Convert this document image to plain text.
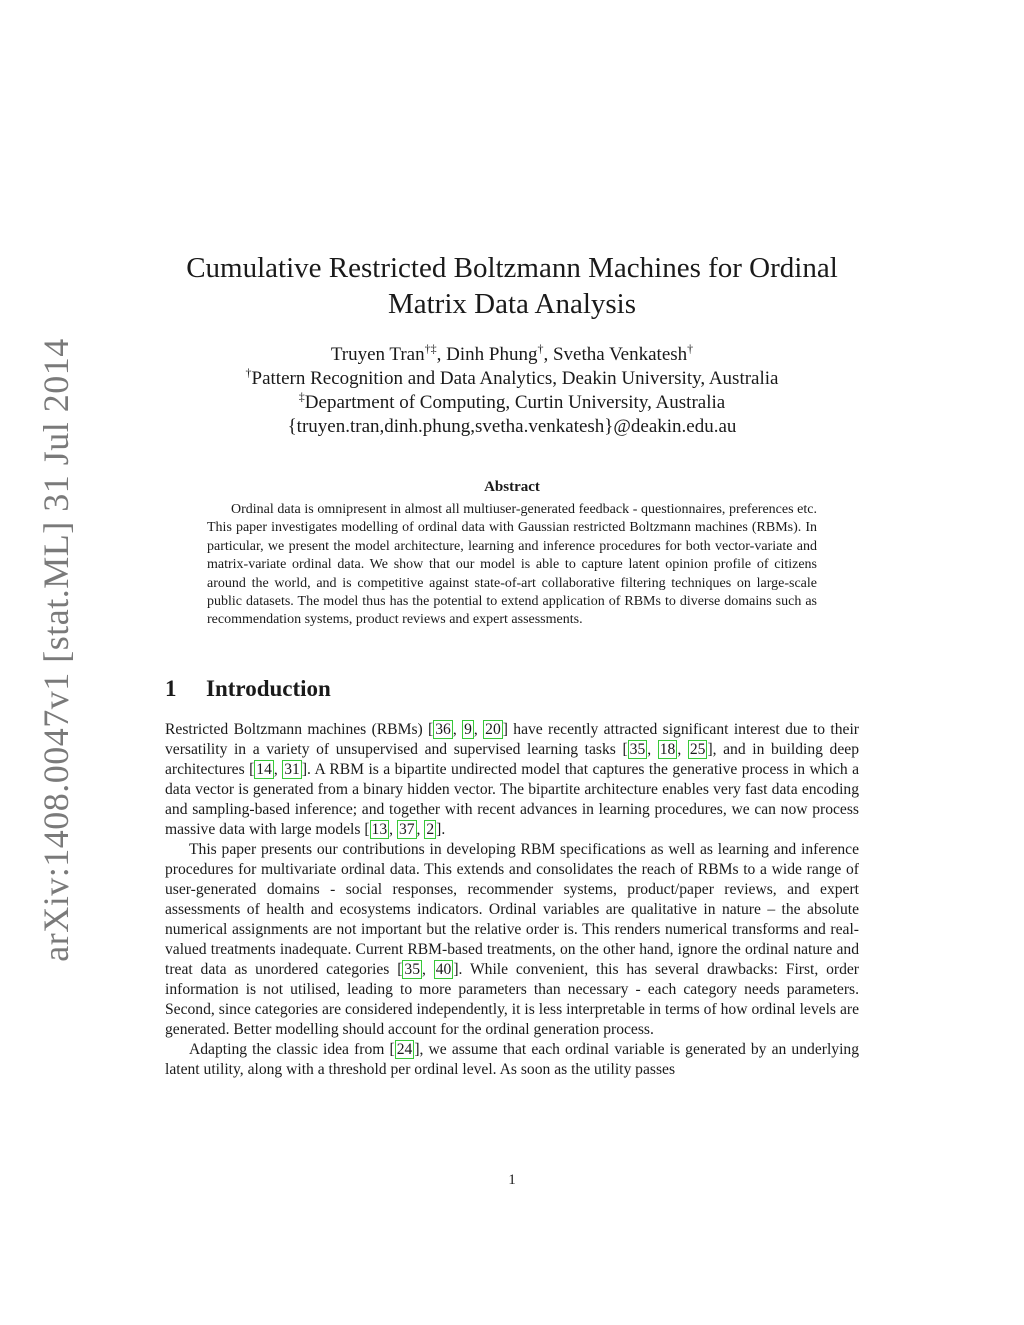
arXiv:1408.0047v1 [stat.ML] 31 Jul 2014
Cumulative Restricted Boltzmann Machines for Ordinal
Matrix Data Analysis
Truyen Tran†‡, Dinh Phung†, Svetha Venkatesh†
†Pattern Recognition and Data Analytics, Deakin University, Australia
‡Department of Computing, Curtin University, Australia
{truyen.tran,dinh.phung,svetha.venkatesh}@deakin.edu.au
Abstract
Ordinal data is omnipresent in almost all multiuser-generated feedback - questionnaires, preferences etc. This paper investigates modelling of ordinal data with Gaussian restricted Boltzmann machines (RBMs). In particular, we present the model architecture, learning and inference procedures for both vector-variate and matrix-variate ordinal data. We show that our model is able to capture latent opinion profile of citizens around the world, and is competitive against state-of-art collaborative filtering techniques on large-scale public datasets. The model thus has the potential to extend application of RBMs to diverse domains such as recommendation systems, product reviews and expert assessments.
1 Introduction

Restricted Boltzmann machines (RBMs) [ 36 , 9 , 20 ] have recently attracted significant interest due to their versatility in a variety of unsupervised and supervised learning tasks [ 35 , 18 , 25 ], and in building deep architectures [ 14 , 31 ]. A RBM is a bipartite undirected model that captures the generative process in which a data vector is generated from a binary hidden vector. The bipartite architecture enables very fast data encoding and sampling-based inference; and together with recent advances in learning procedures, we can now process massive data with large models [ 13 , 37 , 2 ].

This paper presents our contributions in developing RBM specifications as well as learning and inference procedures for multivariate ordinal data. This extends and consolidates the reach of RBMs to a wide range of user-generated domains - social responses, recommender systems, product/paper reviews, and expert assessments of health and ecosystems indicators. Ordinal variables are qualitative in nature – the absolute numerical assignments are not important but the relative order is. This renders numerical transforms and real-valued treatments inadequate. Current RBM-based treatments, on the other hand, ignore the ordinal nature and treat data as unordered categories [ 35 , 40 ]. While convenient, this has several drawbacks: First, order information is not utilised, leading to more parameters than necessary - each category needs parameters. Second, since categories are considered independently, it is less interpretable in terms of how ordinal levels are generated. Better modelling should account for the ordinal generation process.

Adapting the classic idea from [ 24 ], we assume that each ordinal variable is generated by an underlying latent utility, along with a threshold per ordinal level. As soon as the utility passes

1
